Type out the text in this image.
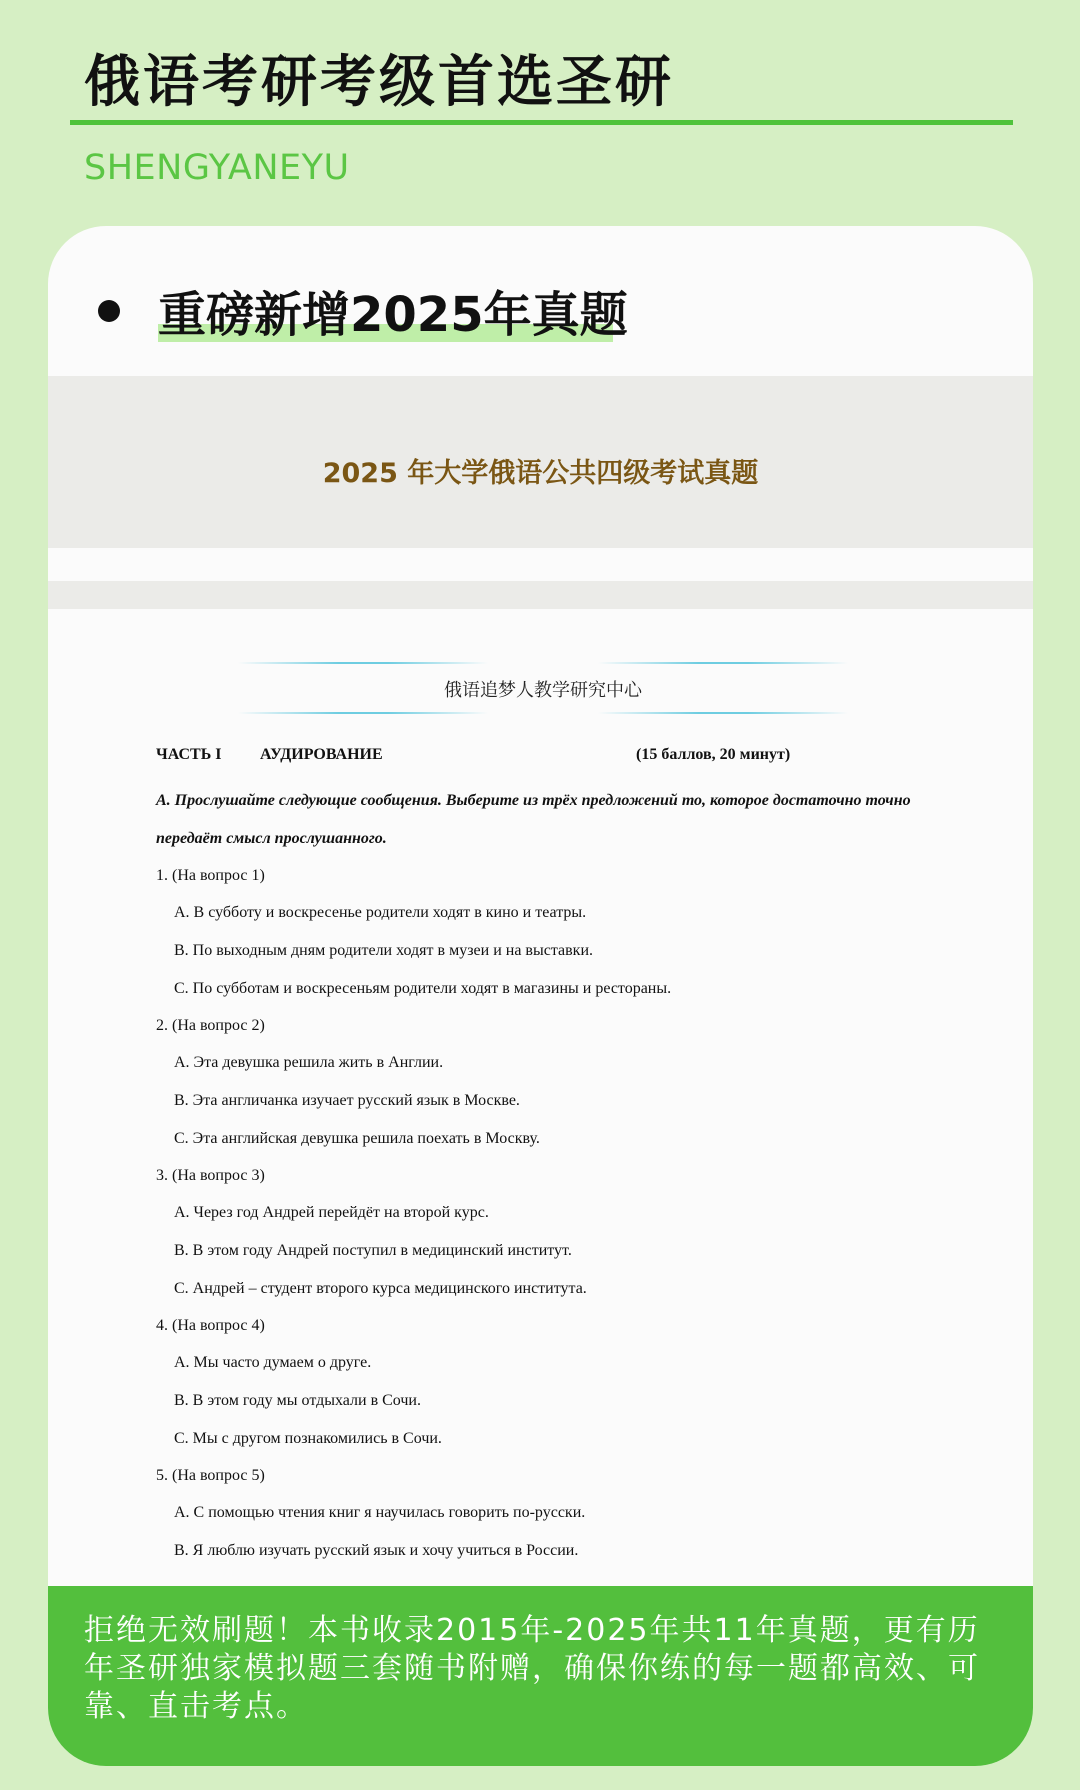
俄语考研考级首选圣研
SHENGYANEYU
重磅新增2025年真题
2025 年大学俄语公共四级考试真题
俄语追梦人教学研究中心
ЧАСТЬ I АУДИРОВАНИЕ	(15 баллов, 20 минут)
А. Прослушайте следующие сообщения. Выберите из трёх предложений то, которое достаточно точно передаёт смысл прослушанного.
1. (На вопрос 1)
А. В субботу и воскресенье родители ходят в кино и театры.
В. По выходным дням родители ходят в музеи и на выставки.
С. По субботам и воскресеньям родители ходят в магазины и рестораны.
2. (На вопрос 2)
А. Эта девушка решила жить в Англии.
В. Эта англичанка изучает русский язык в Москве.
С. Эта английская девушка решила поехать в Москву.
3. (На вопрос 3)
А. Через год Андрей перейдёт на второй курс.
В. В этом году Андрей поступил в медицинский институт.
С. Андрей – студент второго курса медицинского института.
4. (На вопрос 4)
А. Мы часто думаем о друге.
В. В этом году мы отдыхали в Сочи.
С. Мы с другом познакомились в Сочи.
5. (На вопрос 5)
А. С помощью чтения книг я научилась говорить по-русски.
В. Я люблю изучать русский язык и хочу учиться в России.

拒绝无效刷题！本书收录2015年-2025年共11年真题，更有历年圣研独家模拟题三套随书附赠，确保你练的每一题都高效、可靠、直击考点。
